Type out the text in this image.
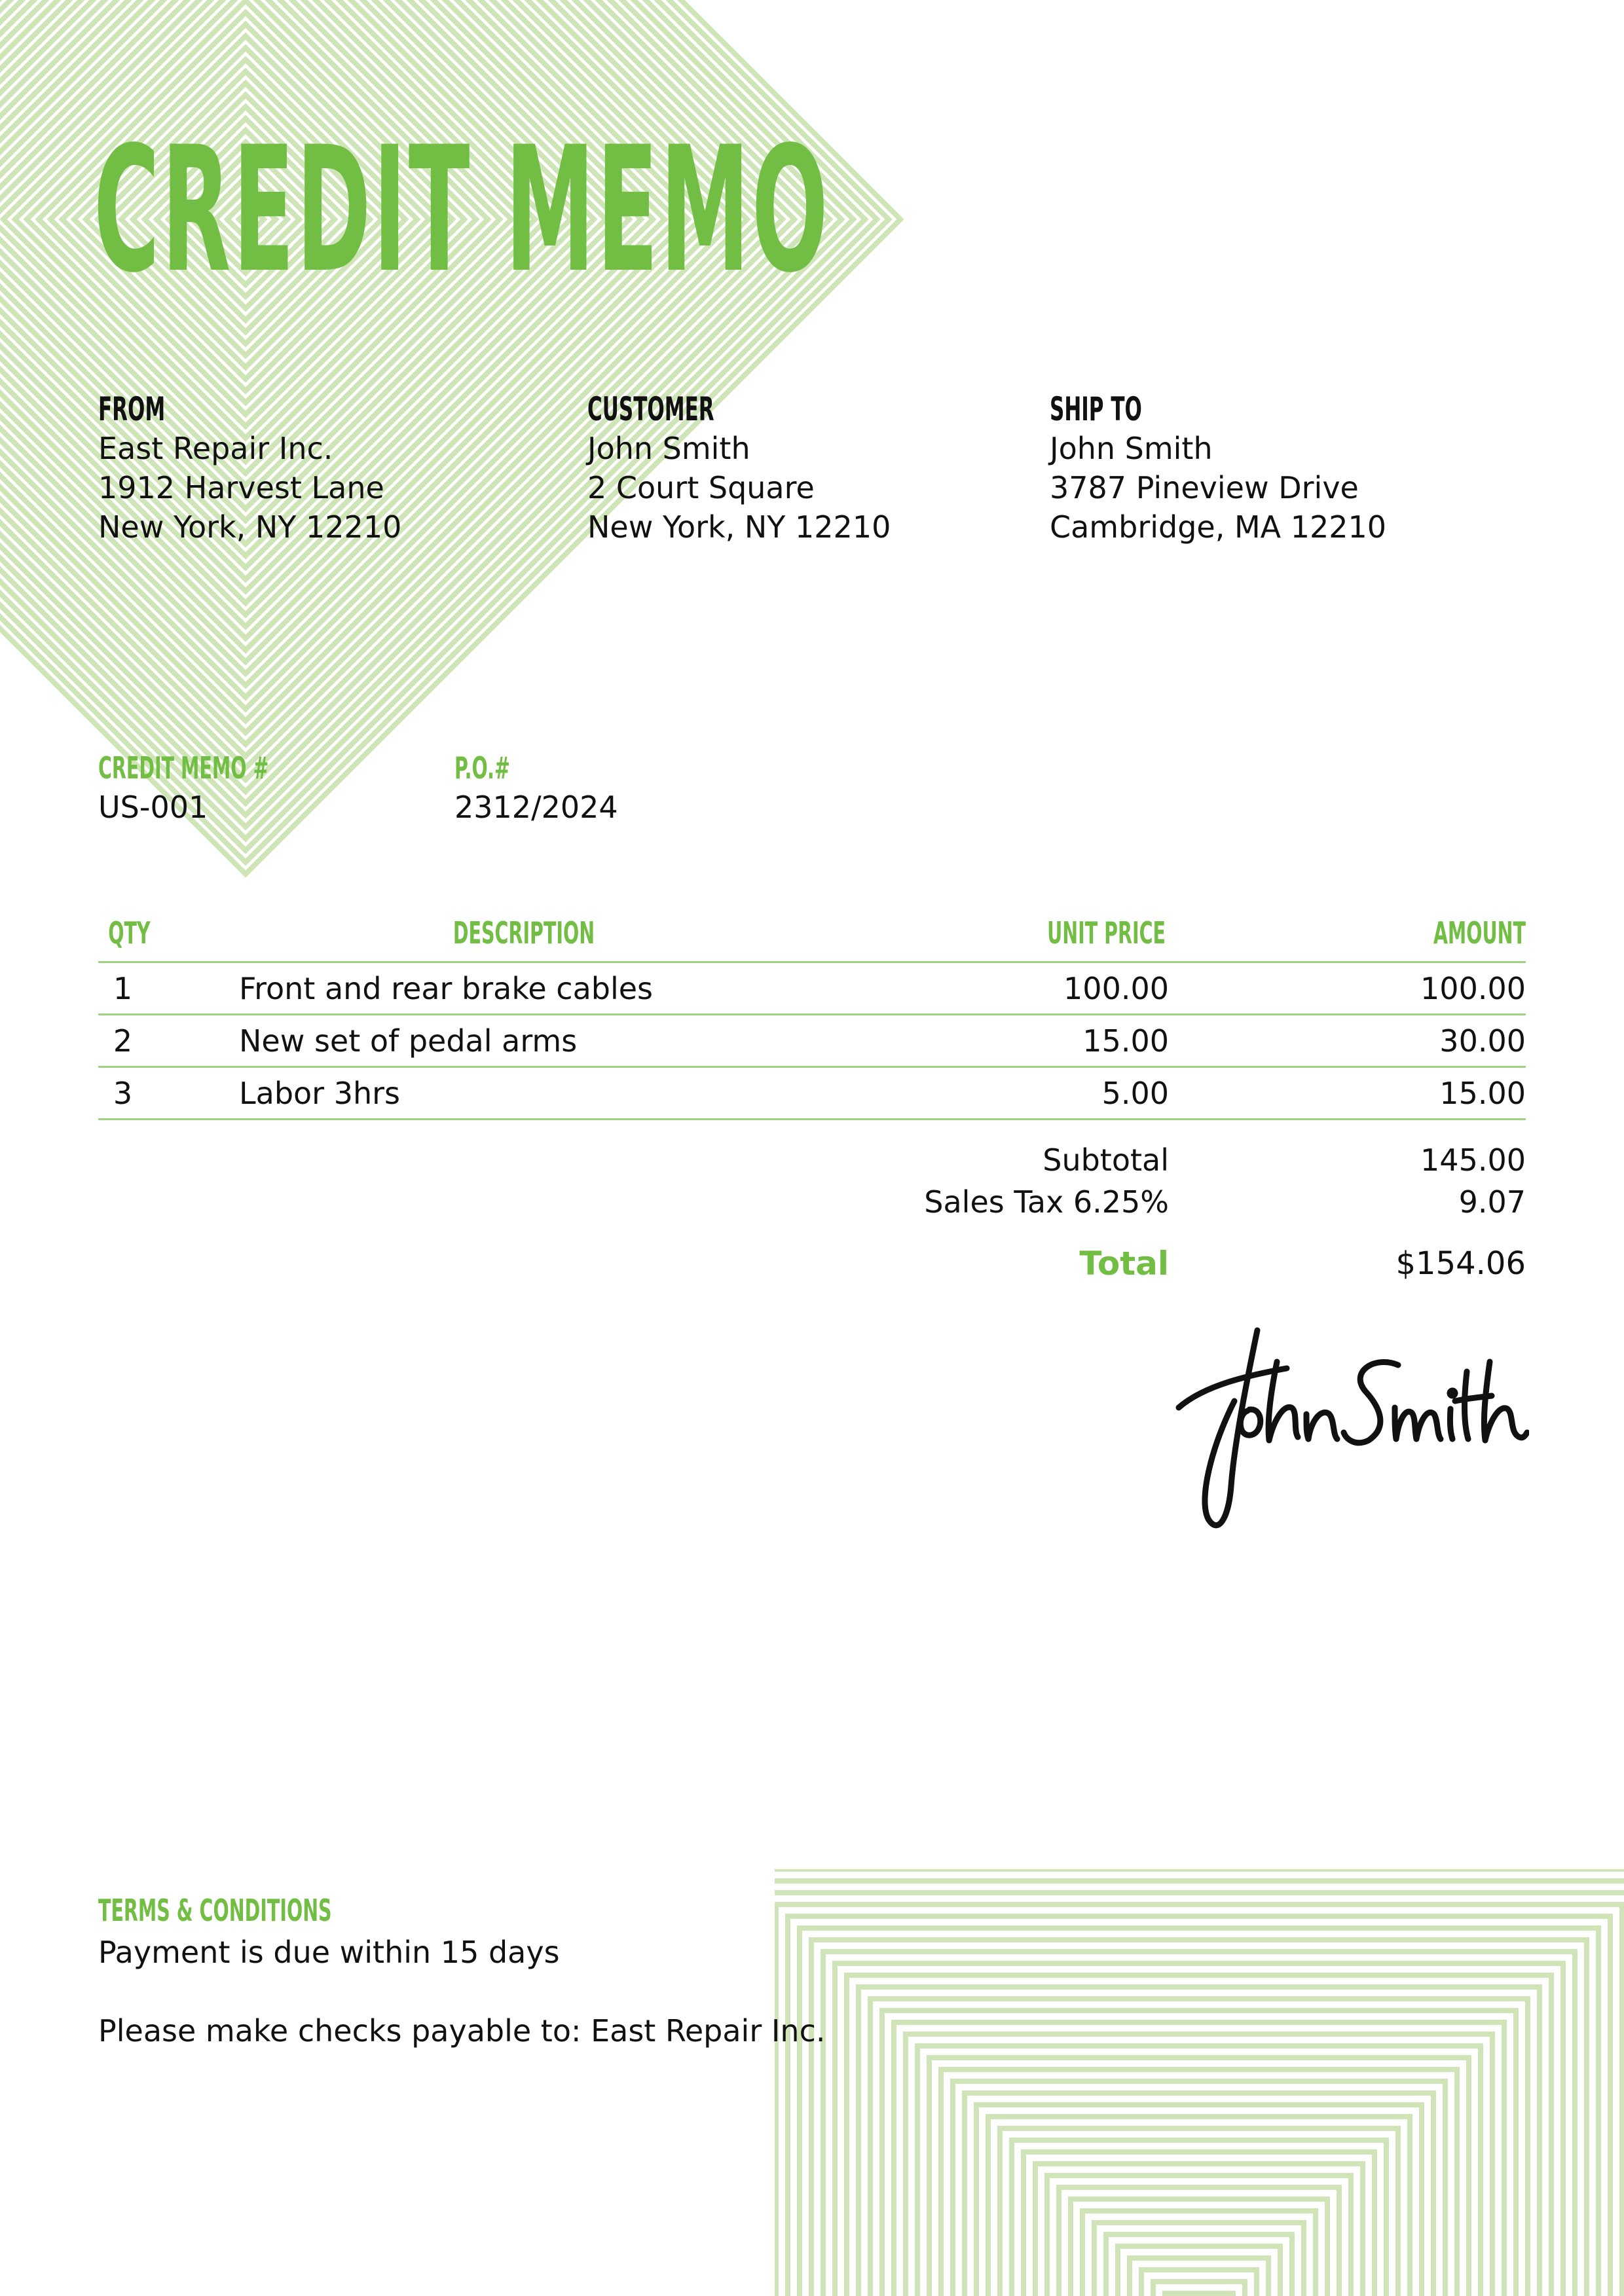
CREDIT MEMO
FROM
East Repair Inc.
1912 Harvest Lane
New York, NY 12210
CUSTOMER
John Smith
2 Court Square
New York, NY 12210
SHIP TO
John Smith
3787 Pineview Drive
Cambridge, MA 12210
CREDIT MEMO #
US-001
P.O.#
2312/2024
QTY	DESCRIPTION	UNIT PRICE	AMOUNT
1	Front and rear brake cables	100.00	100.00
2	New set of pedal arms	15.00	30.00
3	Labor 3hrs	5.00	15.00
Subtotal	145.00
Sales Tax 6.25%	9.07
Total	$154.06
TERMS & CONDITIONS
Payment is due within 15 days
Please make checks payable to: East Repair Inc.
